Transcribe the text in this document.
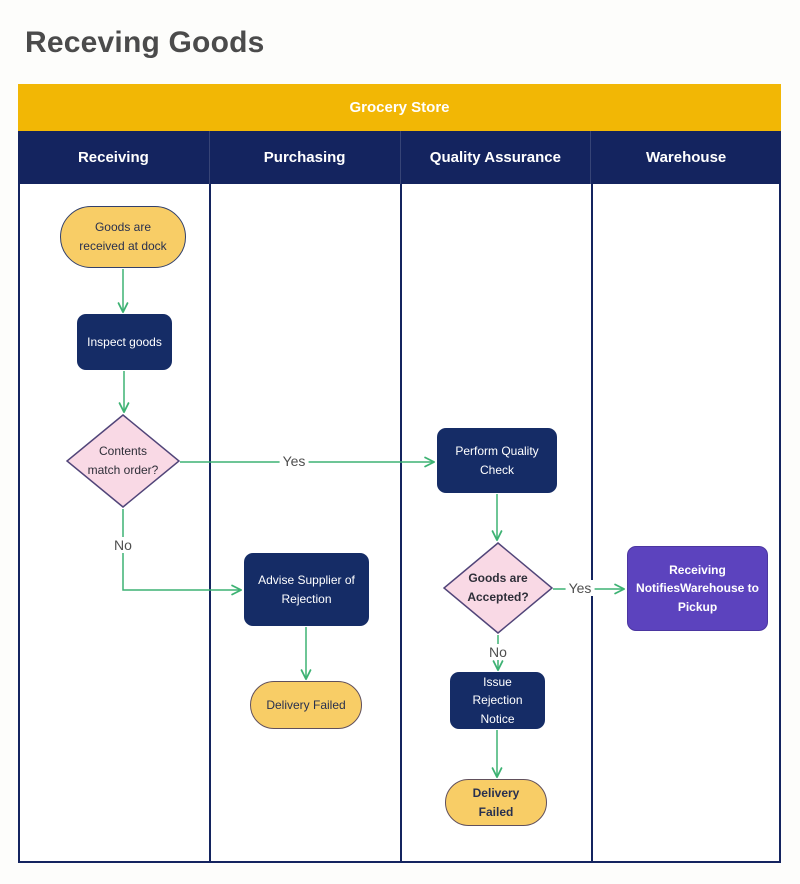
Receving Goods
Grocery Store
Receiving	Purchasing	Quality Assurance	Warehouse
Yes
No
Yes
No
Goods are received at dock
Inspect goods
Contents match order?
Advise Supplier of Rejection
Delivery Failed
Perform Quality Check
Goods are Accepted?
Issue Rejection Notice
Delivery Failed
Receiving NotifiesWarehouse to Pickup
